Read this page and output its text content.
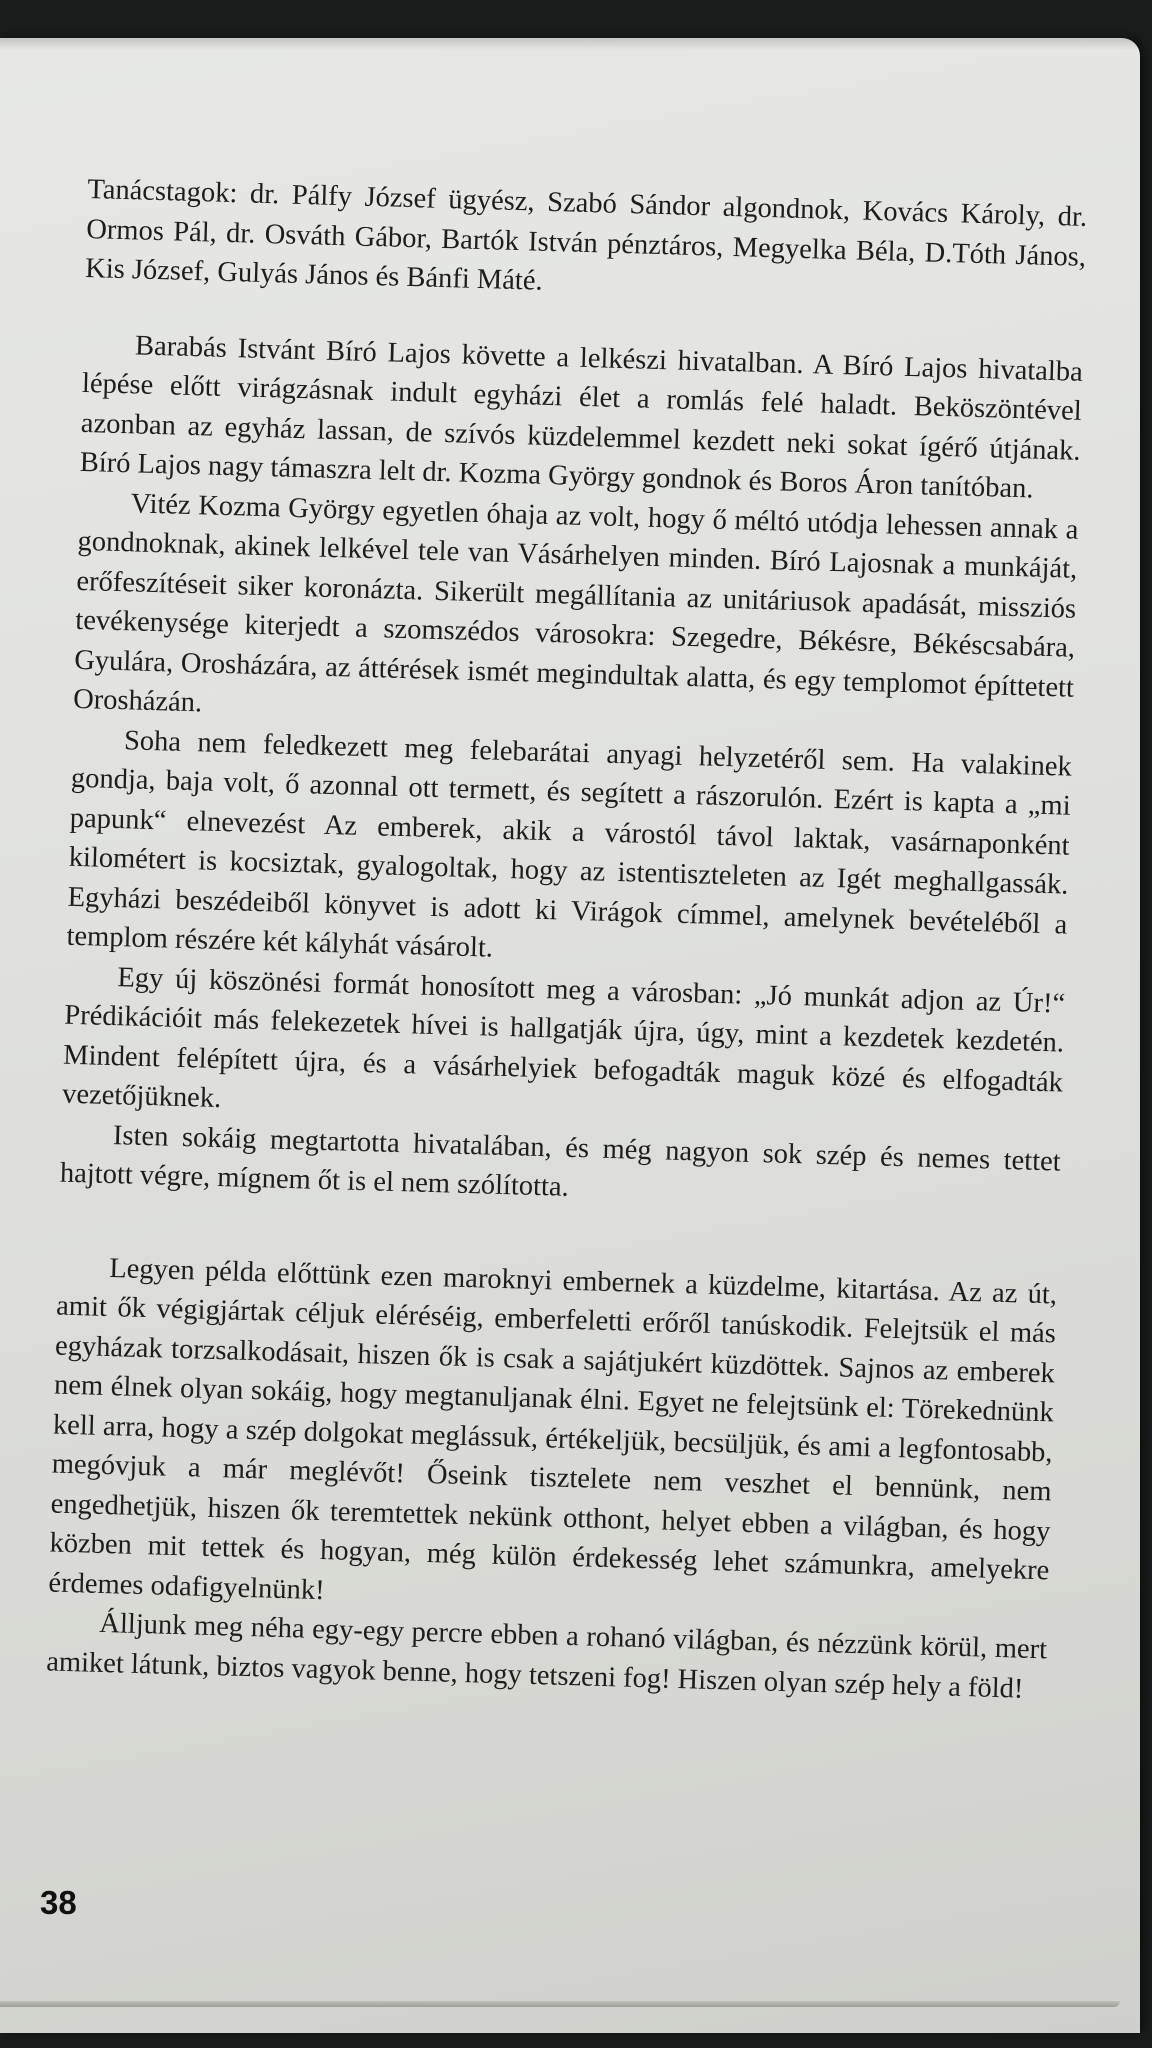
Tanácstagok: dr. Pálfy József ügyész, Szabó Sándor algondnok, Kovács Károly, dr. Ormos Pál, dr. Osváth Gábor, Bartók István pénztáros, Megyelka Béla, D.Tóth János, Kis József, Gulyás János és Bánfi Máté.

Barabás Istvánt Bíró Lajos követte a lelkészi hivatalban. A Bíró Lajos hivatalba lépése előtt virágzásnak indult egyházi élet a romlás felé haladt. Beköszöntével azonban az egyház lassan, de szívós küzdelemmel kezdett neki sokat ígérő útjának. Bíró Lajos nagy támaszra lelt dr. Kozma György gondnok és Boros Áron tanítóban.

Vitéz Kozma György egyetlen óhaja az volt, hogy ő méltó utódja lehessen annak a gondnoknak, akinek lelkével tele van Vásárhelyen minden. Bíró Lajosnak a munkáját, erőfeszítéseit siker koronázta. Sikerült megállítania az unitáriusok apadását, missziós tevékenysége kiterjedt a szomszédos városokra: Szegedre, Békésre, Békéscsabára, Gyulára, Orosházára, az áttérések ismét megindultak alatta, és egy templomot építtetett Orosházán.

Soha nem feledkezett meg felebarátai anyagi helyzetéről sem. Ha valakinek gondja, baja volt, ő azonnal ott termett, és segített a rászorulón. Ezért is kapta a „mi papunk“ elnevezést Az emberek, akik a várostól távol laktak, vasárnaponként kilométert is kocsiztak, gyalogoltak, hogy az istentiszteleten az Igét meghallgassák. Egyházi beszédeiből könyvet is adott ki Virágok címmel, amelynek bevételéből a templom részére két kályhát vásárolt.

Egy új köszönési formát honosított meg a városban: „Jó munkát adjon az Úr!“ Prédikációit más felekezetek hívei is hallgatják újra, úgy, mint a kezdetek kezdetén. Mindent felépített újra, és a vásárhelyiek befogadták maguk közé és elfogadták vezetőjüknek.

Isten sokáig megtartotta hivatalában, és még nagyon sok szép és nemes tettet hajtott végre, mígnem őt is el nem szólította.

Legyen példa előttünk ezen maroknyi embernek a küzdelme, kitartása. Az az út, amit ők végigjártak céljuk eléréséig, emberfeletti erőről tanúskodik. Felejtsük el más egyházak torzsalkodásait, hiszen ők is csak a sajátjukért küzdöttek. Sajnos az emberek nem élnek olyan sokáig, hogy megtanuljanak élni. Egyet ne felejtsünk el: Törekednünk kell arra, hogy a szép dolgokat meglássuk, értékeljük, becsüljük, és ami a legfontosabb, megóvjuk a már meglévőt! Őseink tisztelete nem veszhet el bennünk, nem engedhetjük, hiszen ők teremtettek nekünk otthont, helyet ebben a világban, és hogy közben mit tettek és hogyan, még külön érdekesség lehet számunkra, amelyekre érdemes odafigyelnünk!

Álljunk meg néha egy-egy percre ebben a rohanó világban, és nézzünk körül, mert amiket látunk, biztos vagyok benne, hogy tetszeni fog! Hiszen olyan szép hely a föld!

38
